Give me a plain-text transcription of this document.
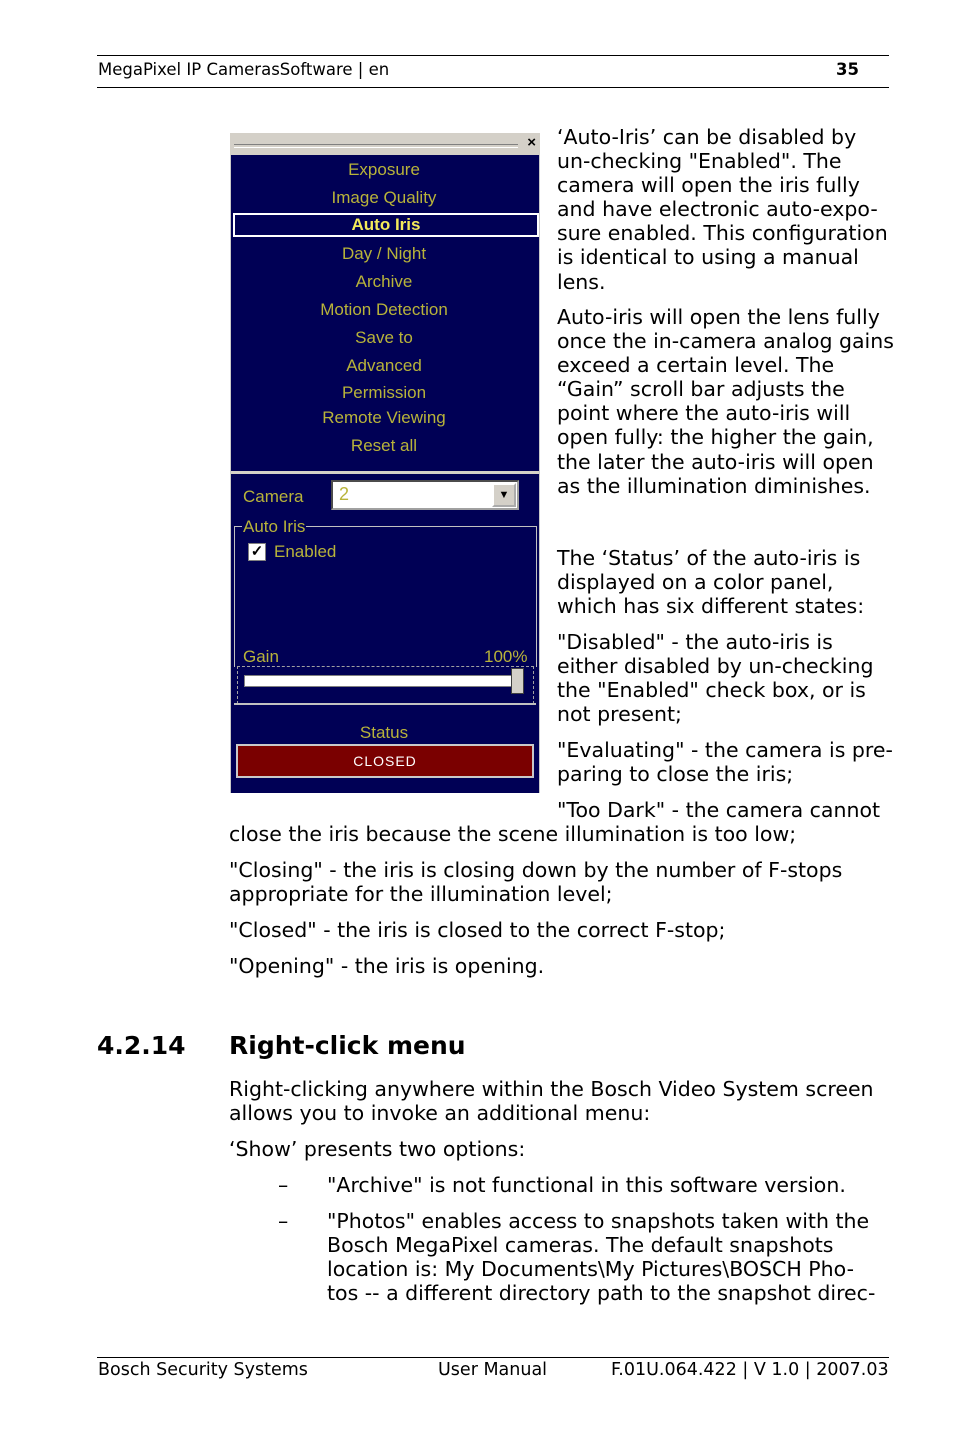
MegaPixel IP CamerasSoftware | en	35
×
Exposure
Image Quality
Auto Iris
Day / Night
Archive
Motion Detection
Save to
Advanced
Permission
Remote Viewing
Reset all
Camera 2	▼
Auto Iris
✓ Enabled
Gain	100%
Status
CLOSED
‘Auto-Iris’ can be disabled by
un-checking "Enabled". The
camera will open the iris fully
and have electronic auto-expo-
sure enabled. This configuration
is identical to using a manual
lens.
Auto-iris will open the lens fully
once the in-camera analog gains
exceed a certain level. The
“Gain” scroll bar adjusts the
point where the auto-iris will
open fully: the higher the gain,
the later the auto-iris will open
as the illumination diminishes.
The ‘Status’ of the auto-iris is
displayed on a color panel,
which has six different states:
"Disabled" - the auto-iris is
either disabled by un-checking
the "Enabled" check box, or is
not present;
"Evaluating" - the camera is pre-
paring to close the iris;
"Too Dark" - the camera cannot
close the iris because the scene illumination is too low;
"Closing" - the iris is closing down by the number of F-stops
appropriate for the illumination level;
"Closed" - the iris is closed to the correct F-stop;
"Opening" - the iris is opening.
4.2.14 Right-click menu
Right-clicking anywhere within the Bosch Video System screen
allows you to invoke an additional menu:
‘Show’ presents two options:
– "Archive" is not functional in this software version.
– "Photos" enables access to snapshots taken with the
Bosch MegaPixel cameras. The default snapshots
location is: My Documents\My Pictures\BOSCH Pho-
tos -- a different directory path to the snapshot direc-
Bosch Security Systems	User Manual	F.01U.064.422 | V 1.0 | 2007.03
